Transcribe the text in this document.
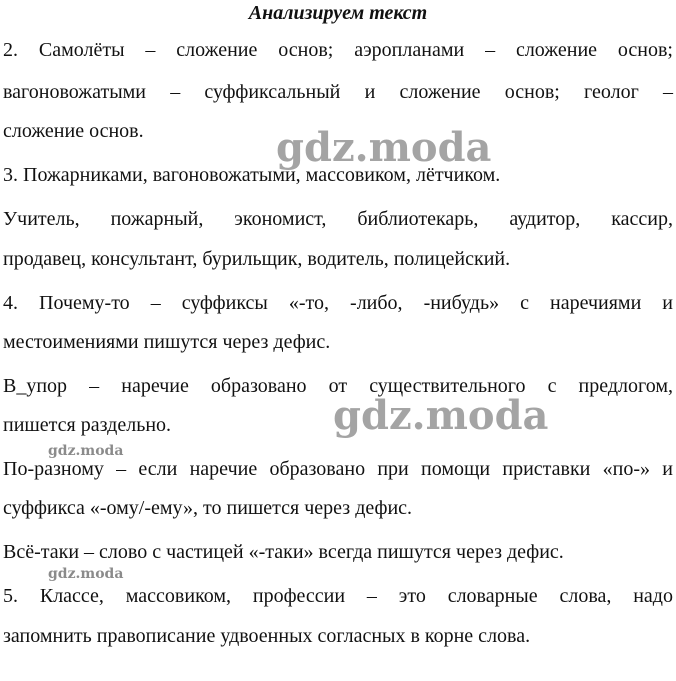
Анализируем текст
2. Самолёты – сложение основ; аэропланами – сложение основ;
вагоновожатыми – суффиксальный и сложение основ; геолог –
сложение основ.
3. Пожарниками, вагоновожатыми, массовиком, лётчиком.
Учитель, пожарный, экономист, библиотекарь, аудитор, кассир,
продавец, консультант, бурильщик, водитель, полицейский.
4. Почему-то – суффиксы «-то, -либо, -нибудь» с наречиями и
местоимениями пишутся через дефис.
В_упор – наречие образовано от существительного с предлогом,
пишется раздельно.
По-разному – если наречие образовано при помощи приставки «по-» и
суффикса «-ому/-ему», то пишется через дефис.
Всё-таки – слово с частицей «-таки» всегда пишутся через дефис.
5. Классе, массовиком, профессии – это словарные слова, надо
запомнить правописание удвоенных согласных в корне слова.
gdz.moda
gdz.moda
gdz.moda
gdz.moda
